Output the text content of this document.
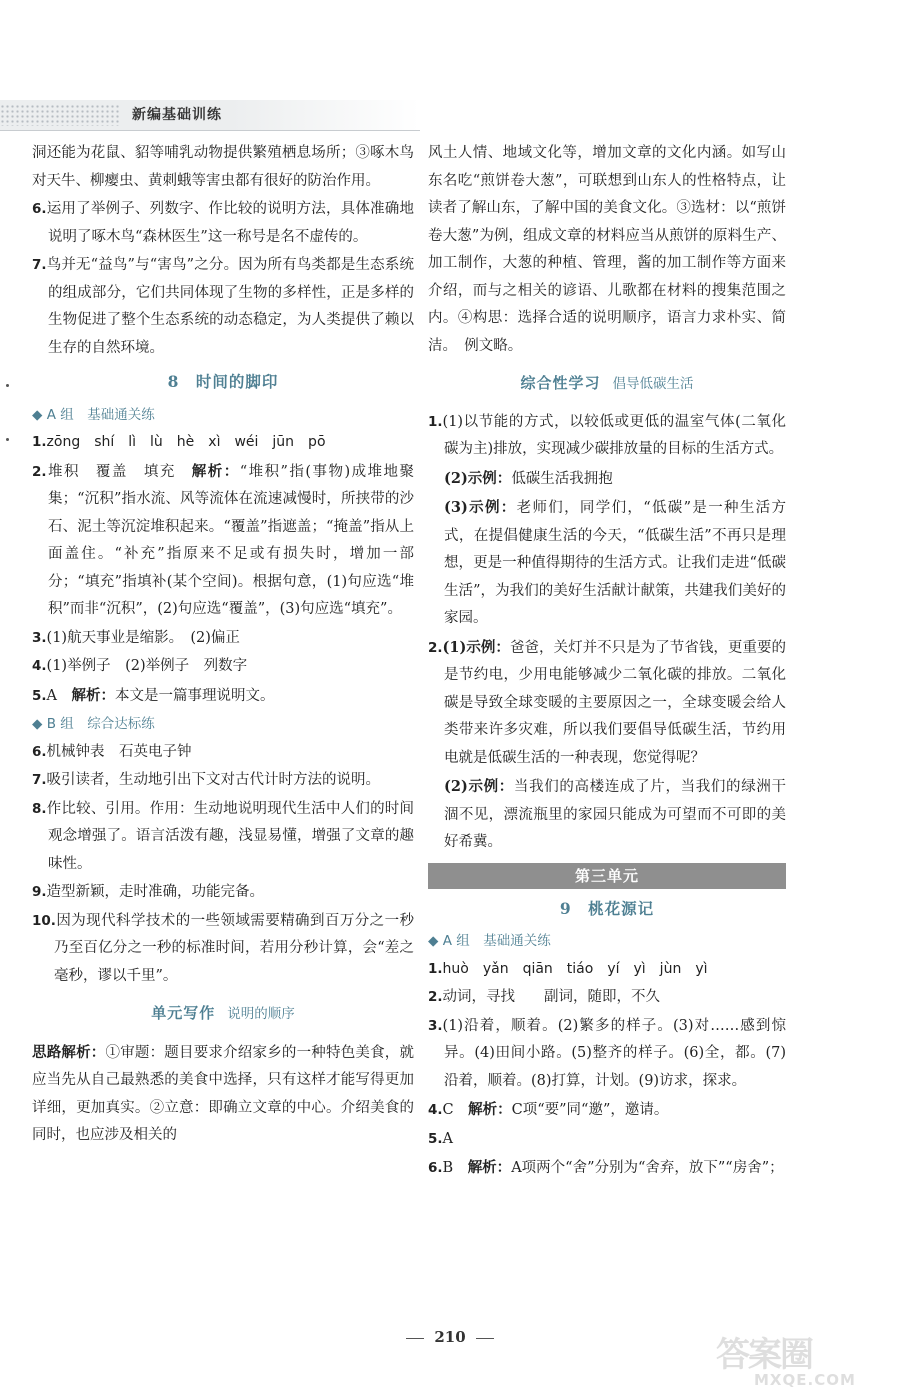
新编基础训练

洞还能为花鼠、貂等哺乳动物提供繁殖栖息场所；③啄木鸟对天牛、柳瘿虫、黄刺蛾等害虫都有很好的防治作用。

6.运用了举例子、列数字、作比较的说明方法，具体准确地说明了啄木鸟“森林医生”这一称号是名不虚传的。

7.鸟并无“益鸟”与“害鸟”之分。因为所有鸟类都是生态系统的组成部分，它们共同体现了生物的多样性，正是多样的生物促进了整个生态系统的动态稳定，为人类提供了赖以生存的自然环境。

8　时间的脚印
◆ A 组　基础通关练

1.zōng　shí　lì　lù　hè　xì　wéi　jūn　pō

2.堆积　覆盖　填充　解析：“堆积”指(事物)成堆地聚集；“沉积”指水流、风等流体在流速减慢时，所挟带的沙石、泥土等沉淀堆积起来。“覆盖”指遮盖；“掩盖”指从上面盖住。“补充”指原来不足或有损失时，增加一部分；“填充”指填补(某个空间)。根据句意，(1)句应选“堆积”而非“沉积”，(2)句应选“覆盖”，(3)句应选“填充”。

3.(1)航天事业是缩影。　(2)偏正

4.(1)举例子　(2)举例子　列数字

5.A　解析：本文是一篇事理说明文。

◆ B 组　综合达标练

6.机械钟表　石英电子钟

7.吸引读者，生动地引出下文对古代计时方法的说明。

8.作比较、引用。作用：生动地说明现代生活中人们的时间观念增强了。语言活泼有趣，浅显易懂，增强了文章的趣味性。

9.造型新颖，走时准确，功能完备。

10.因为现代科学技术的一些领域需要精确到百万分之一秒乃至百亿分之一秒的标准时间，若用分秒计算，会“差之毫秒，谬以千里”。

单元写作 说明的顺序

思路解析：①审题：题目要求介绍家乡的一种特色美食，就应当先从自己最熟悉的美食中选择，只有这样才能写得更加详细，更加真实。②立意：即确立文章的中心。介绍美食的同时，也应涉及相关的

风土人情、地域文化等，增加文章的文化内涵。如写山东名吃“煎饼卷大葱”，可联想到山东人的性格特点，让读者了解山东，了解中国的美食文化。③选材：以“煎饼卷大葱”为例，组成文章的材料应当从煎饼的原料生产、加工制作，大葱的种植、管理，酱的加工制作等方面来介绍，而与之相关的谚语、儿歌都在材料的搜集范围之内。④构思：选择合适的说明顺序，语言力求朴实、简洁。　例文略。

综合性学习 倡导低碳生活

1.(1)以节能的方式，以较低或更低的温室气体(二氧化碳为主)排放，实现减少碳排放量的目标的生活方式。

(2)示例：低碳生活我拥抱

(3)示例：老师们，同学们，“低碳”是一种生活方式，在提倡健康生活的今天，“低碳生活”不再只是理想，更是一种值得期待的生活方式。让我们走进“低碳生活”，为我们的美好生活献计献策，共建我们美好的家园。

2.(1)示例：爸爸，关灯并不只是为了节省钱，更重要的是节约电，少用电能够减少二氧化碳的排放。二氧化碳是导致全球变暖的主要原因之一，全球变暖会给人类带来许多灾难，所以我们要倡导低碳生活，节约用电就是低碳生活的一种表现，您觉得呢？

(2)示例：当我们的高楼连成了片，当我们的绿洲干涸不见，漂流瓶里的家园只能成为可望而不可即的美好希冀。

第三单元
9　桃花源记
◆ A 组　基础通关练

1.huò　yǎn　qiān　tiáo　yí　yì　jùn　yì

2.动词，寻找　　副词，随即，不久

3.(1)沿着，顺着。(2)繁多的样子。(3)对……感到惊异。(4)田间小路。(5)整齐的样子。(6)全，都。(7)沿着，顺着。(8)打算，计划。(9)访求，探求。

4.C　解析：C项“要”同“邀”，邀请。

5.A

6.B　解析：A项两个“舍”分别为“舍弃，放下”“房舍”；

210	答案圈
MXQE.COM
